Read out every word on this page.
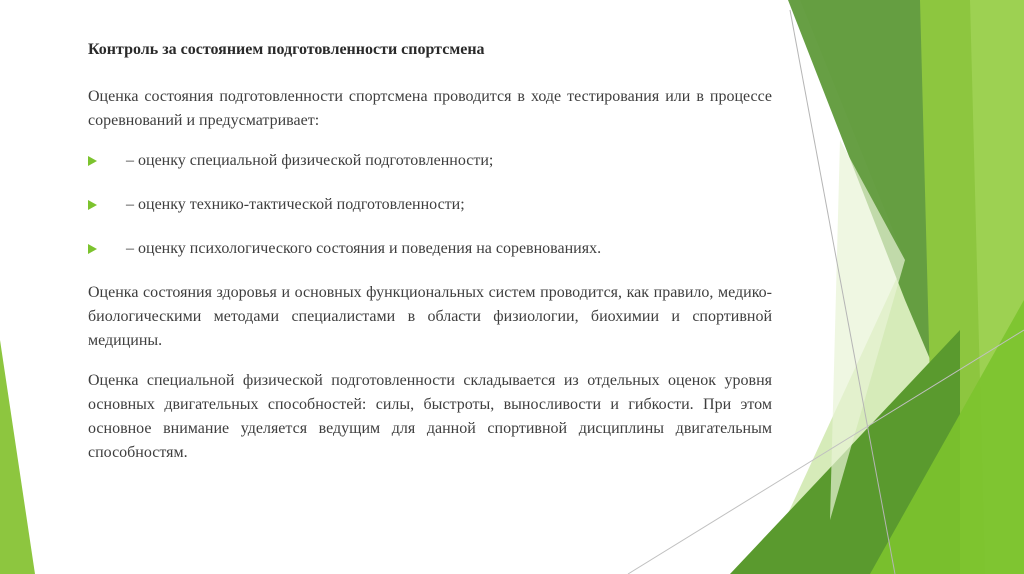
Контроль за состоянием подготовленности спортсмена

Оценка состояния подготовленности спортсмена проводится в ходе тестирования или в процессе соревнований и предусматривает:

– оценку специальной физической подготовленности;
– оценку технико-тактической подготовленности;
– оценку психологического состояния и поведения на соревнованиях.

Оценка состояния здоровья и основных функциональных систем проводится, как правило, медико-биологическими методами специалистами в области физиологии, биохимии и спортивной медицины.

Оценка специальной физической подготовленности складывается из отдельных оценок уровня основных двигательных способностей: силы, быстроты, выносливости и гибкости. При этом основное внимание уделяется ведущим для данной спортивной дисциплины двигательным способностям.
